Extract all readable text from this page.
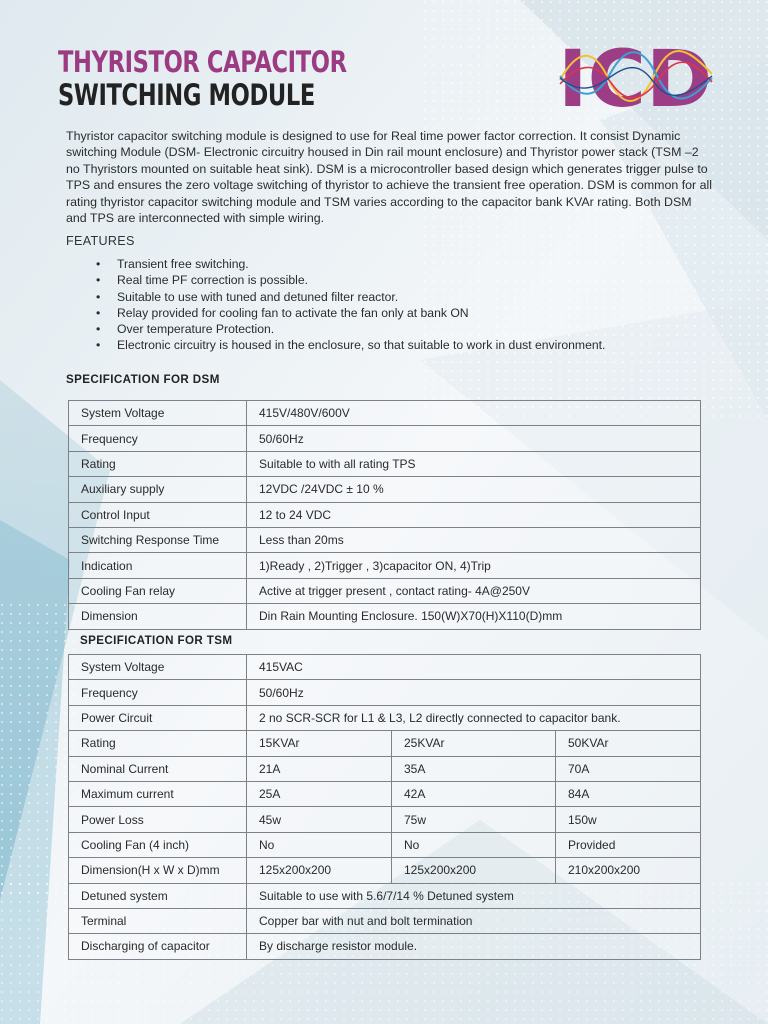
THYRISTOR CAPACITOR
SWITCHING MODULE	ICD

Thyristor capacitor switching module is designed to use for Real time power factor correction. It consist Dynamic switching Module (DSM- Electronic circuitry housed in Din rail mount enclosure) and Thyristor power stack (TSM –2 no Thyristors mounted on suitable heat sink). DSM is a microcontroller based design which generates trigger pulse to TPS and ensures the zero voltage switching of thyristor to achieve the transient free operation. DSM is common for all rating thyristor capacitor switching module and TSM varies according to the capacitor bank KVAr rating. Both DSM and TPS are interconnected with simple wiring.

FEATURES

• Transient free switching.
• Real time PF correction is possible.
• Suitable to use with tuned and detuned filter reactor.
• Relay provided for cooling fan to activate the fan only at bank ON
• Over temperature Protection.
• Electronic circuitry is housed in the enclosure, so that suitable to work in dust environment.

SPECIFICATION FOR DSM

System Voltage	415V/480V/600V
Frequency	50/60Hz
Rating	Suitable to with all rating TPS
Auxiliary supply	12VDC /24VDC ± 10 %
Control Input	12 to 24 VDC
Switching Response Time	Less than 20ms
Indication	1)Ready , 2)Trigger , 3)capacitor ON, 4)Trip
Cooling Fan relay	Active at trigger present , contact rating- 4A@250V
Dimension	Din Rain Mounting Enclosure. 150(W)X70(H)X110(D)mm

SPECIFICATION FOR TSM

System Voltage	415VAC		
Frequency	50/60Hz		
Power Circuit	2 no SCR-SCR for L1 & L3, L2 directly connected to capacitor bank.		
Rating	15KVAr	25KVAr	50KVAr
Nominal Current	21A	35A	70A
Maximum current	25A	42A	84A
Power Loss	45w	75w	150w
Cooling Fan (4 inch)	No	No	Provided
Dimension(H x W x D)mm	125x200x200	125x200x200	210x200x200
Detuned system	Suitable to use with 5.6/7/14 % Detuned system		
Terminal	Copper bar with nut and bolt termination		
Discharging of capacitor	By discharge resistor module.		
